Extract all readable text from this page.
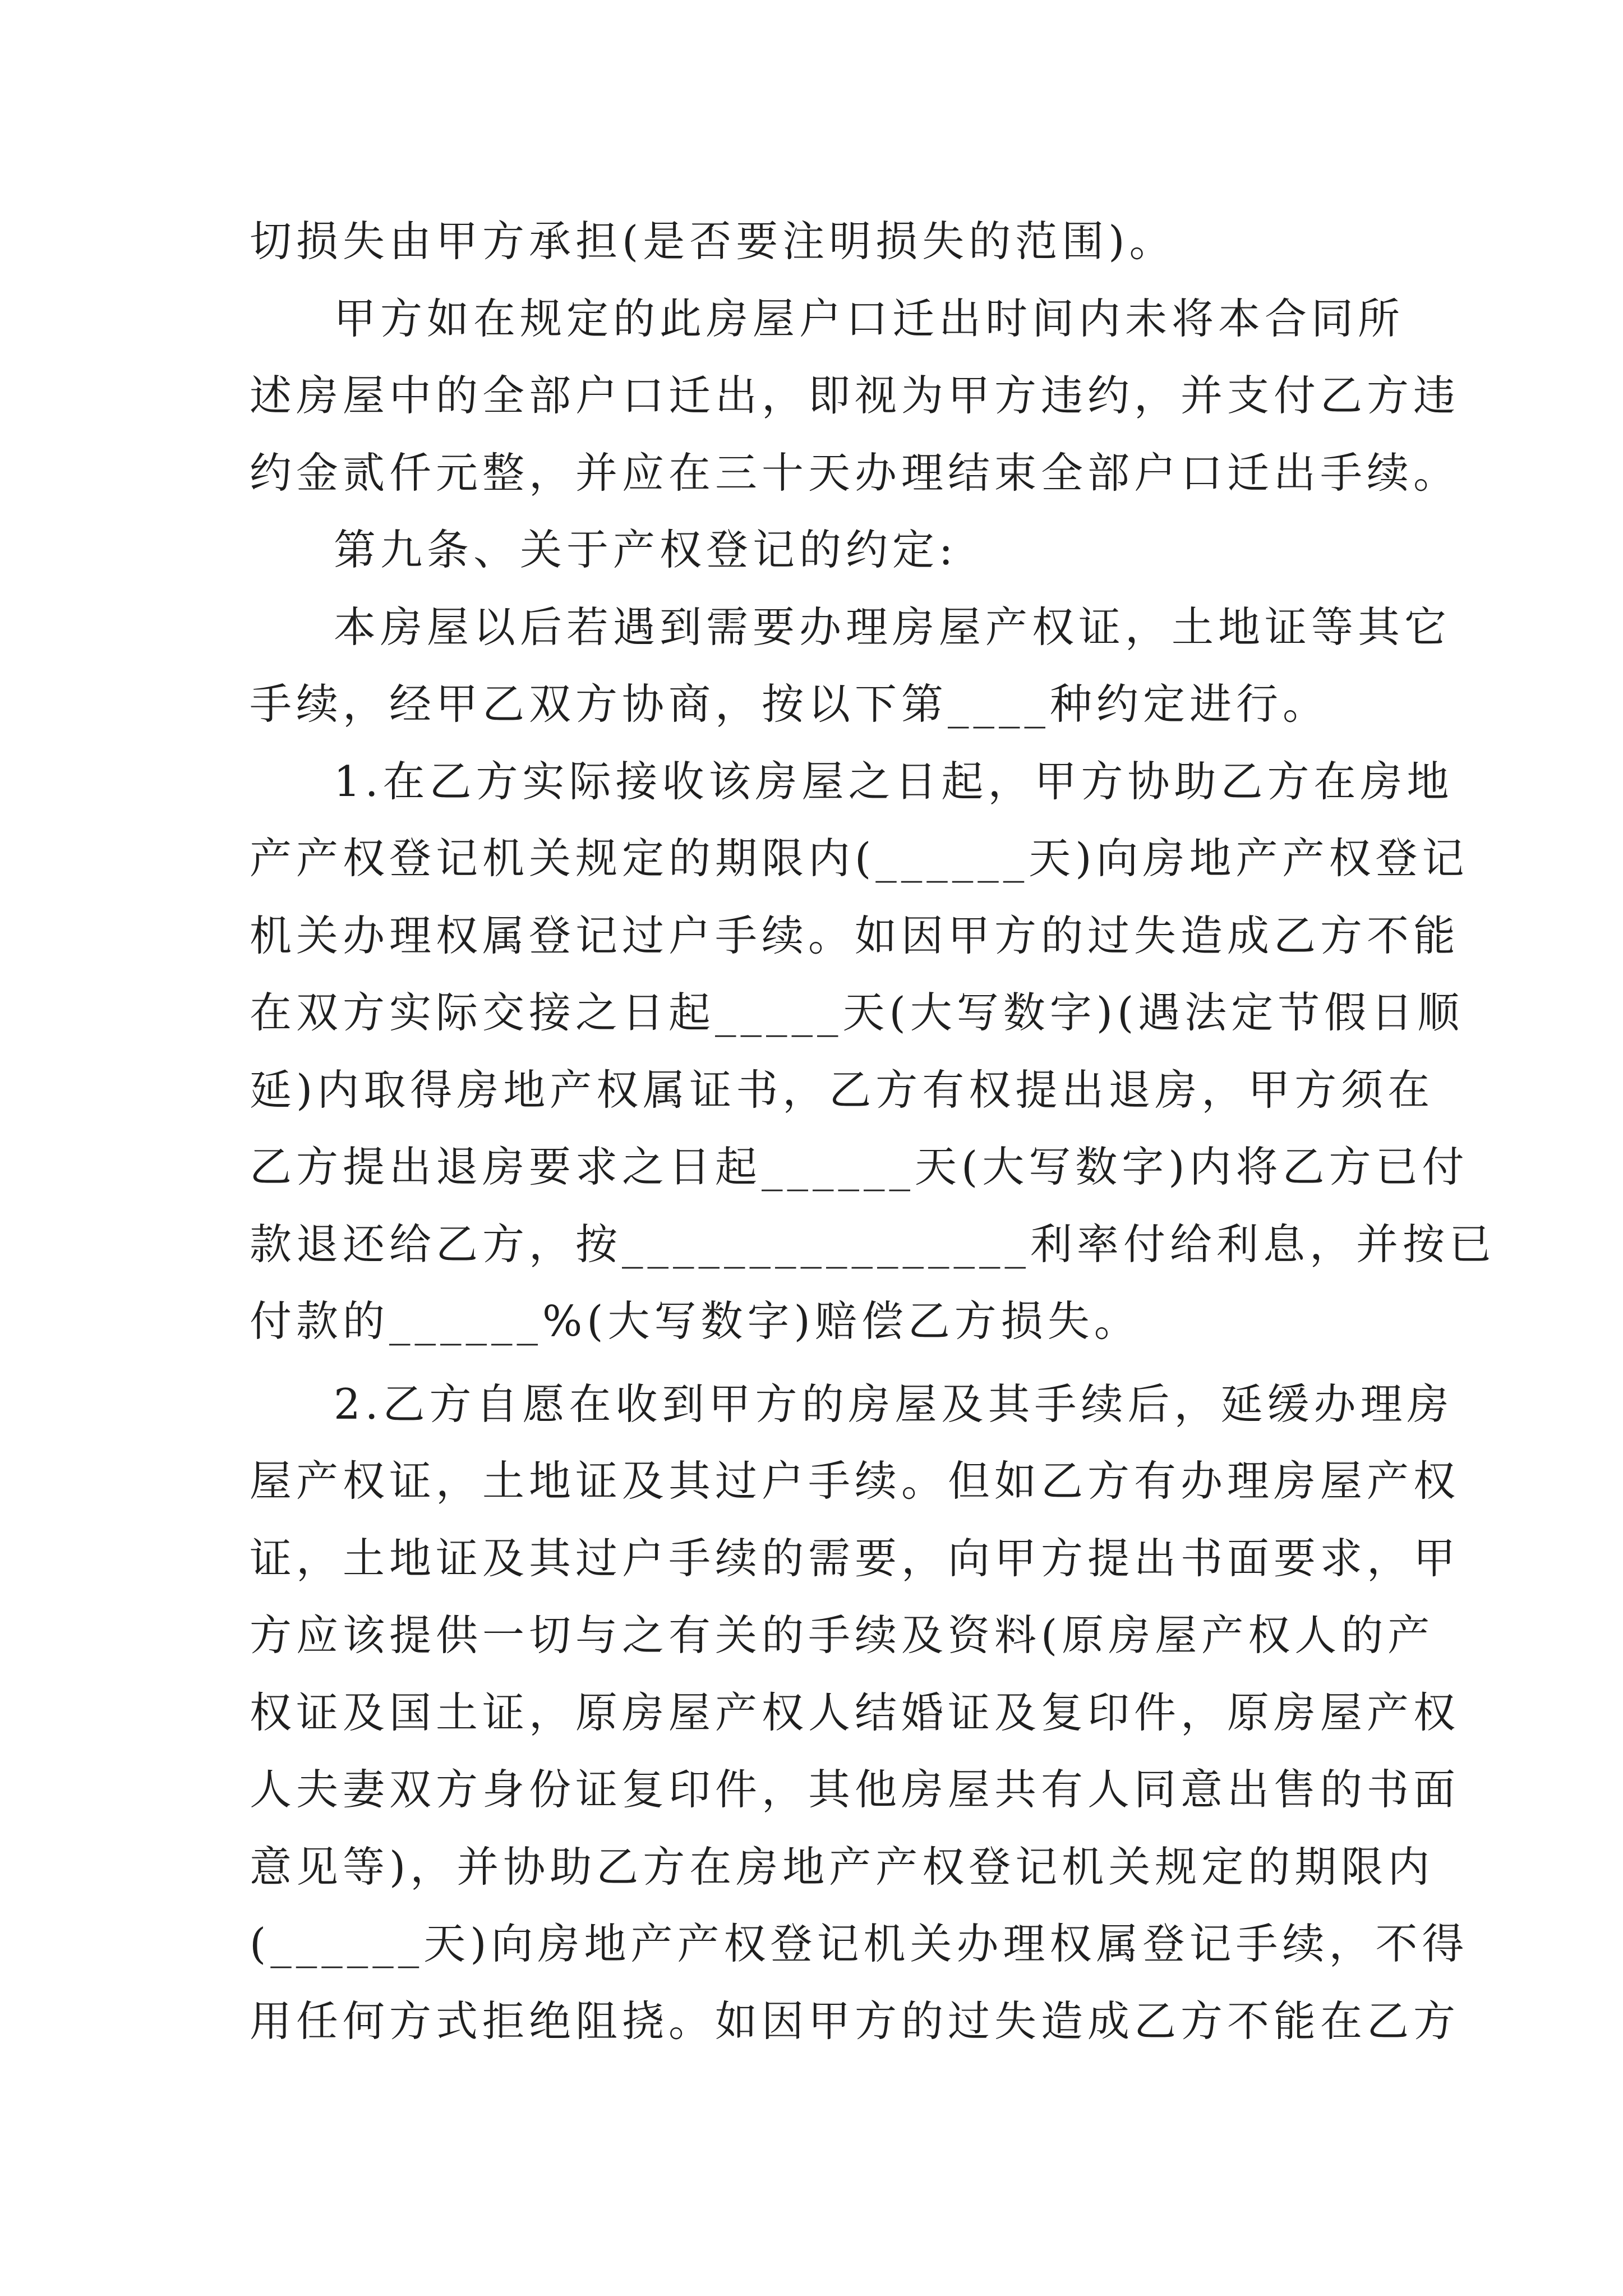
切损失由甲方承担(是否要注明损失的范围)。
甲方如在规定的此房屋户口迁出时间内未将本合同所
述房屋中的全部户口迁出，即视为甲方违约，并支付乙方违
约金贰仟元整，并应在三十天办理结束全部户口迁出手续。
第九条、关于产权登记的约定:
本房屋以后若遇到需要办理房屋产权证，土地证等其它
手续，经甲乙双方协商，按以下第____种约定进行。
1.在乙方实际接收该房屋之日起，甲方协助乙方在房地
产产权登记机关规定的期限内(______天)向房地产产权登记
机关办理权属登记过户手续。如因甲方的过失造成乙方不能
在双方实际交接之日起_____天(大写数字)(遇法定节假日顺
延)内取得房地产权属证书，乙方有权提出退房，甲方须在
乙方提出退房要求之日起______天(大写数字)内将乙方已付
款退还给乙方，按________________利率付给利息，并按已
付款的______%(大写数字)赔偿乙方损失。
2.乙方自愿在收到甲方的房屋及其手续后，延缓办理房
屋产权证，土地证及其过户手续。但如乙方有办理房屋产权
证，土地证及其过户手续的需要，向甲方提出书面要求，甲
方应该提供一切与之有关的手续及资料(原房屋产权人的产
权证及国土证，原房屋产权人结婚证及复印件，原房屋产权
人夫妻双方身份证复印件，其他房屋共有人同意出售的书面
意见等)，并协助乙方在房地产产权登记机关规定的期限内
(______天)向房地产产权登记机关办理权属登记手续，不得
用任何方式拒绝阻挠。如因甲方的过失造成乙方不能在乙方
